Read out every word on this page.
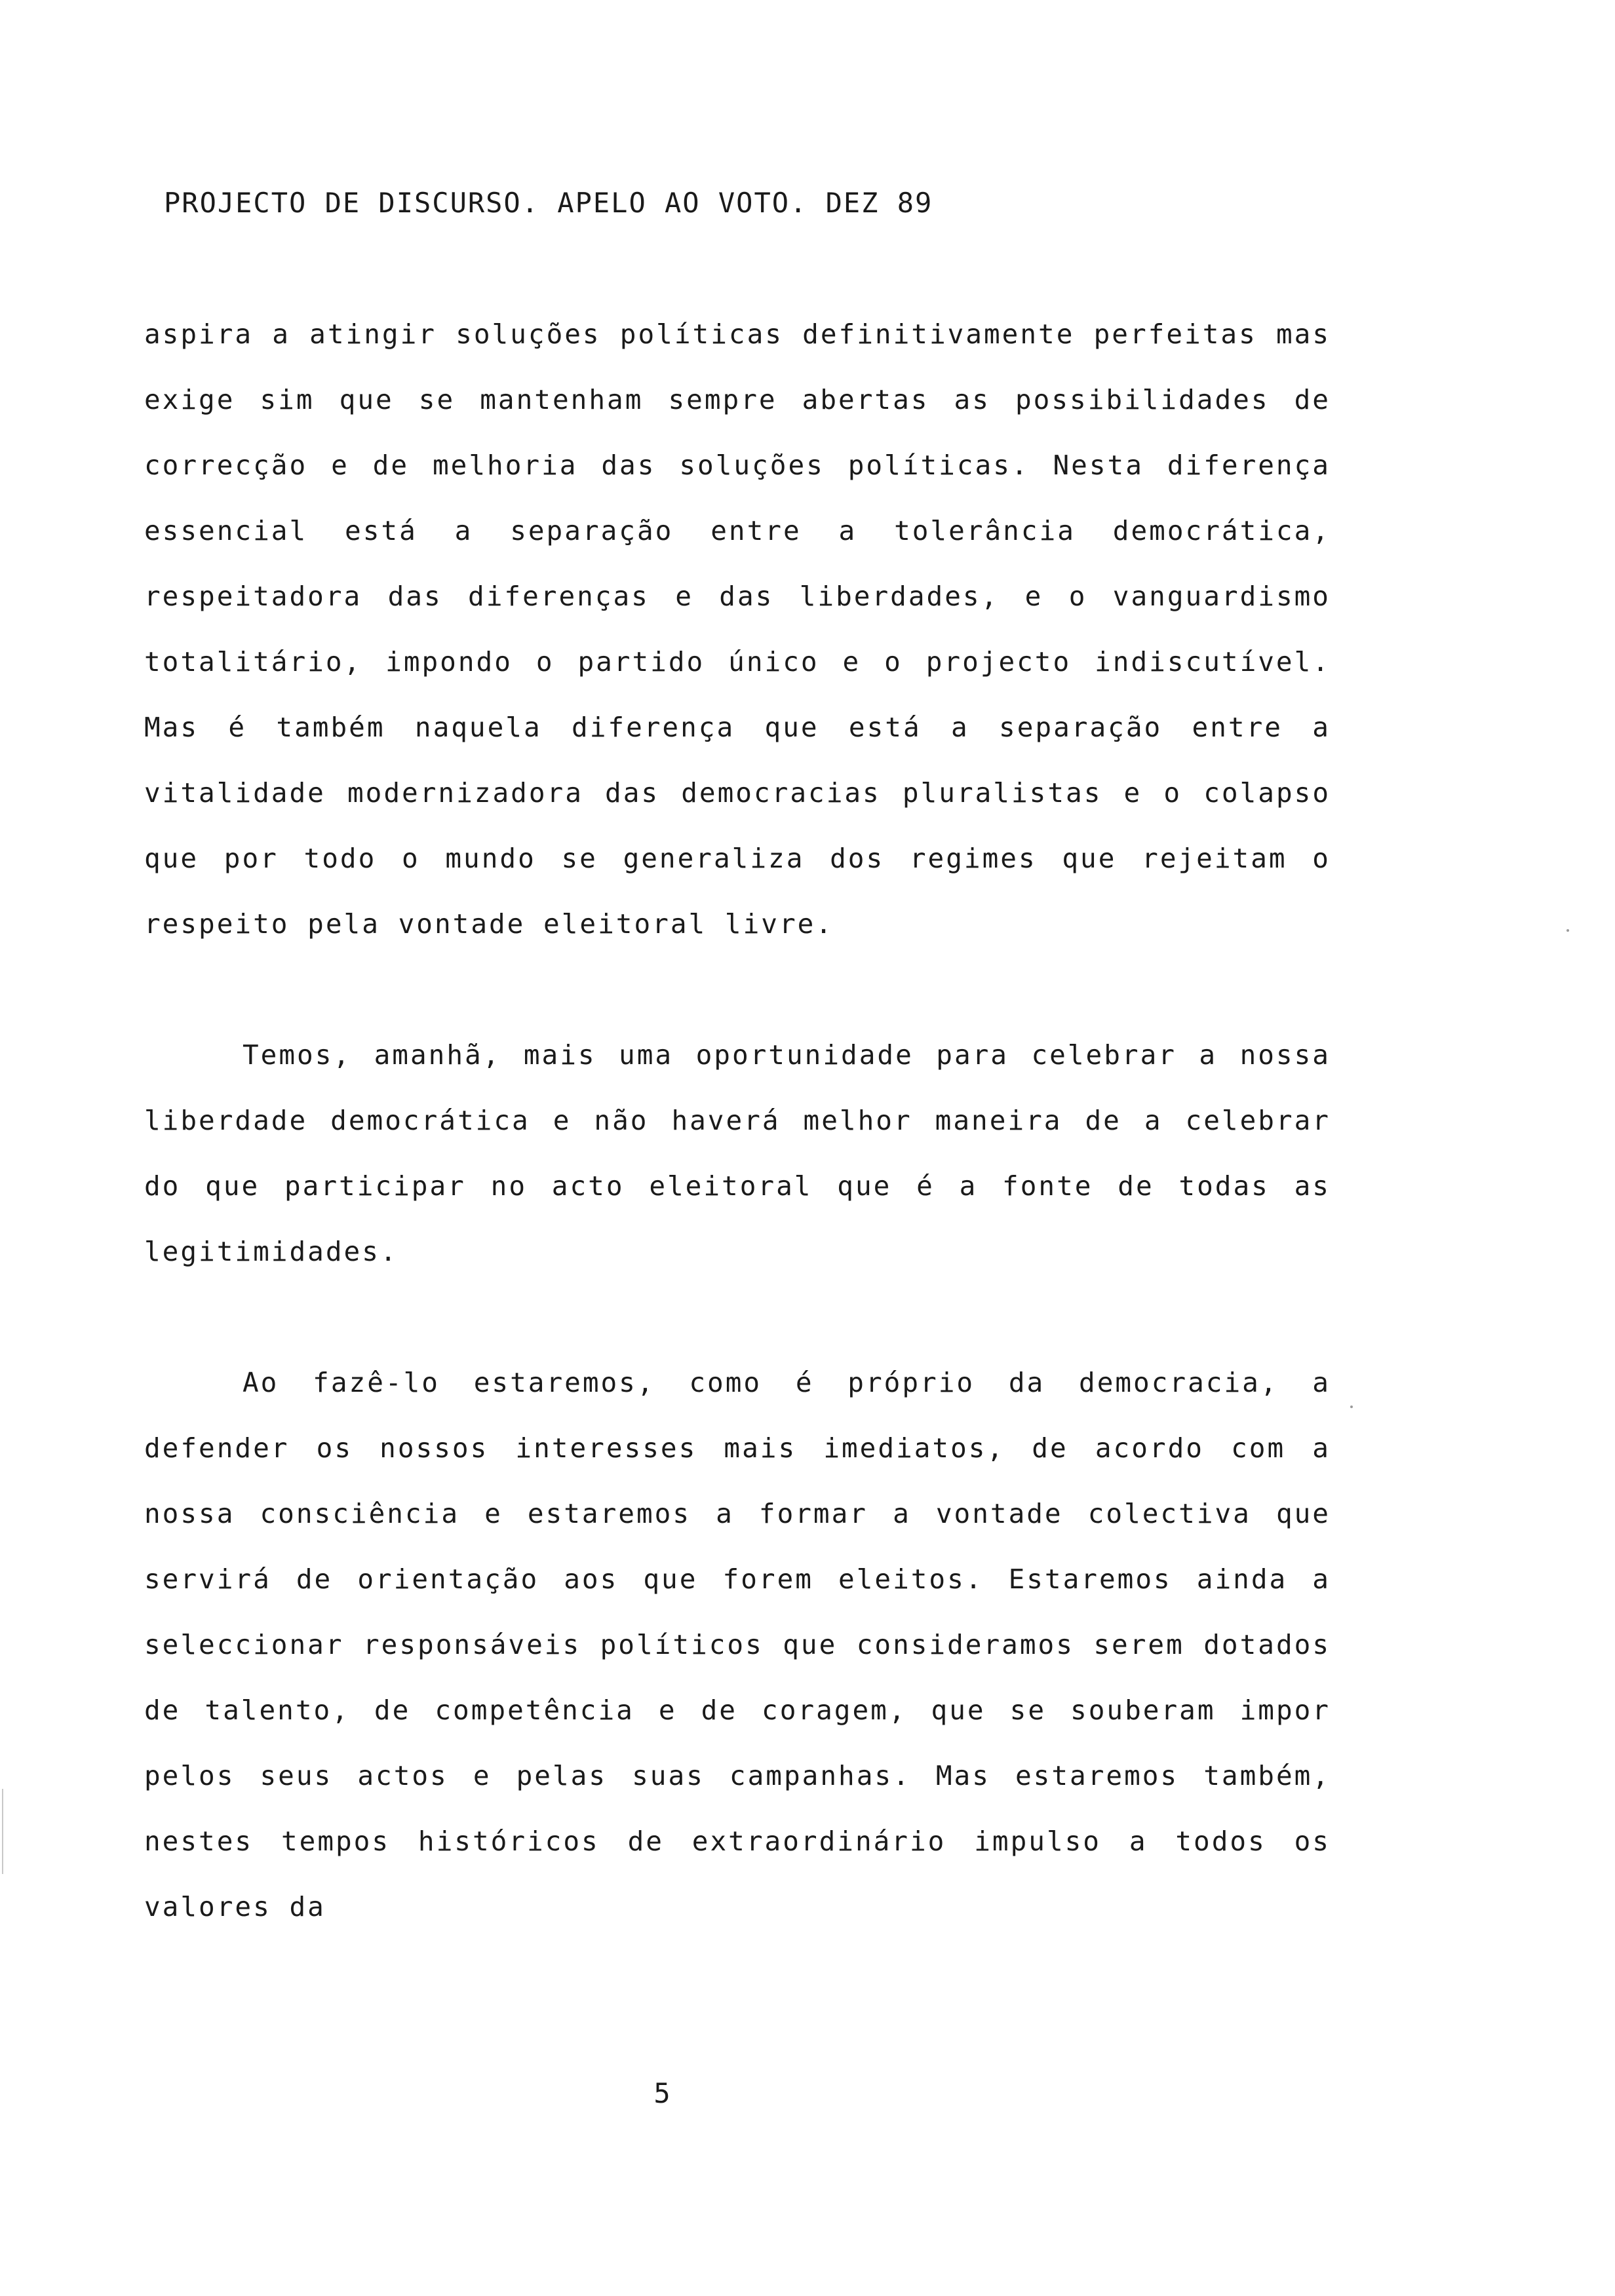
PROJECTO DE DISCURSO. APELO AO VOTO. DEZ 89

aspira a atingir soluções políticas definitivamente perfeitas mas exige sim que se mantenham sempre abertas as possibilidades de correcção e de melhoria das soluções políticas. Nesta diferença essencial está a separação entre a tolerância democrática, respeitadora das diferenças e das liberdades, e o vanguardismo totalitário, impondo o partido único e o projecto indiscutível. Mas é também naquela diferença que está a separação entre a vitalidade modernizadora das democracias pluralistas e o colapso que por todo o mundo se generaliza dos regimes que rejeitam o respeito pela vontade eleitoral livre.

Temos, amanhã, mais uma oportunidade para celebrar a nossa liberdade democrática e não haverá melhor maneira de a celebrar do que participar no acto eleitoral que é a fonte de todas as legitimidades.

Ao fazê-lo estaremos, como é próprio da democracia, a defender os nossos interesses mais imediatos, de acordo com a nossa consciência e estaremos a formar a vontade colectiva que servirá de orientação aos que forem eleitos. Estaremos ainda a seleccionar responsáveis políticos que consideramos serem dotados de talento, de competência e de coragem, que se souberam impor pelos seus actos e pelas suas campanhas. Mas estaremos também, nestes tempos históricos de extraordinário impulso a todos os valores da

5
